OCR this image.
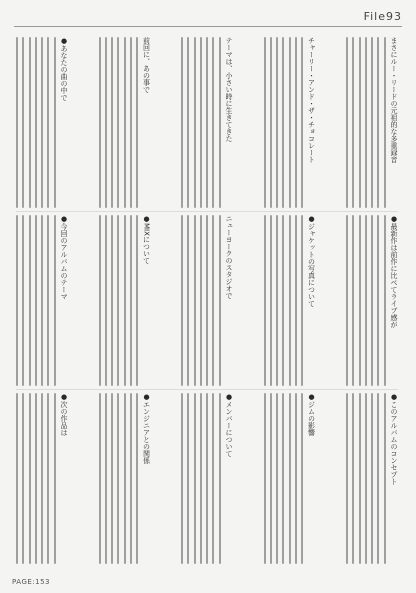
File93
まさにルー・リードの元祖的な多重録音
チャーリー・アンド・ザ・チョコレート
テーマは、小さい時に生きてきた
前回に、あの事で
●あなたの曲の中で
●最新作は前作に比べてライブ感が
●ジャケットの写真について
ニューヨークのスタジオで
●MIXについて
●今回のアルバムのテーマ
●このアルバムのコンセプト
●ジムの影響
●メンバーについて
●エンジニアとの関係
●次の作品は
PAGE:153
